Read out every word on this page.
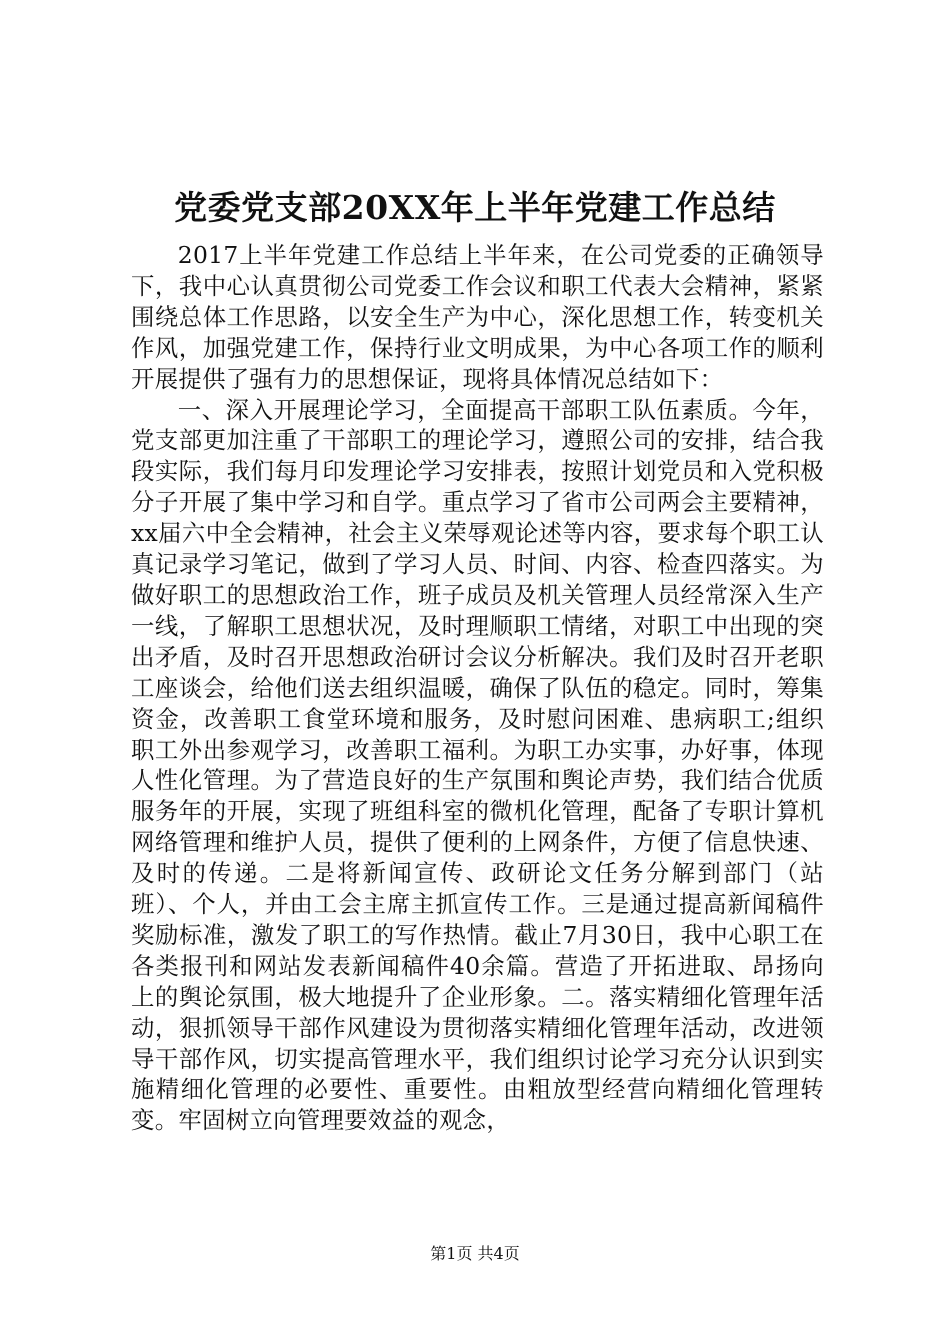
党委党支部20XX年上半年党建工作总结

2017上半年党建工作总结上半年来，在公司党委的正确领导下，我中心认真贯彻公司党委工作会议和职工代表大会精神，紧紧围绕总体工作思路，以安全生产为中心，深化思想工作，转变机关作风，加强党建工作，保持行业文明成果，为中心各项工作的顺利开展提供了强有力的思想保证，现将具体情况总结如下：

一、深入开展理论学习，全面提高干部职工队伍素质。今年，党支部更加注重了干部职工的理论学习，遵照公司的安排，结合我段实际，我们每月印发理论学习安排表，按照计划党员和入党积极分子开展了集中学习和自学。重点学习了省市公司两会主要精神，xx届六中全会精神，社会主义荣辱观论述等内容，要求每个职工认真记录学习笔记，做到了学习人员、时间、内容、检查四落实。为做好职工的思想政治工作，班子成员及机关管理人员经常深入生产一线，了解职工思想状况，及时理顺职工情绪，对职工中出现的突出矛盾，及时召开思想政治研讨会议分析解决。我们及时召开老职工座谈会，给他们送去组织温暖，确保了队伍的稳定。同时，筹集资金，改善职工食堂环境和服务，及时慰问困难、患病职工;组织职工外出参观学习，改善职工福利。为职工办实事，办好事，体现人性化管理。为了营造良好的生产氛围和舆论声势，我们结合优质服务年的开展，实现了班组科室的微机化管理，配备了专职计算机网络管理和维护人员，提供了便利的上网条件，方便了信息快速、及时的传递。二是将新闻宣传、政研论文任务分解到部门（站班）、个人，并由工会主席主抓宣传工作。三是通过提高新闻稿件奖励标准，激发了职工的写作热情。截止7月30日，我中心职工在各类报刊和网站发表新闻稿件40余篇。营造了开拓进取、昂扬向上的舆论氛围，极大地提升了企业形象。二。落实精细化管理年活动，狠抓领导干部作风建设为贯彻落实精细化管理年活动，改进领导干部作风，切实提高管理水平，我们组织讨论学习充分认识到实施精细化管理的必要性、重要性。由粗放型经营向精细化管理转变。牢固树立向管理要效益的观念，

第1页 共4页
